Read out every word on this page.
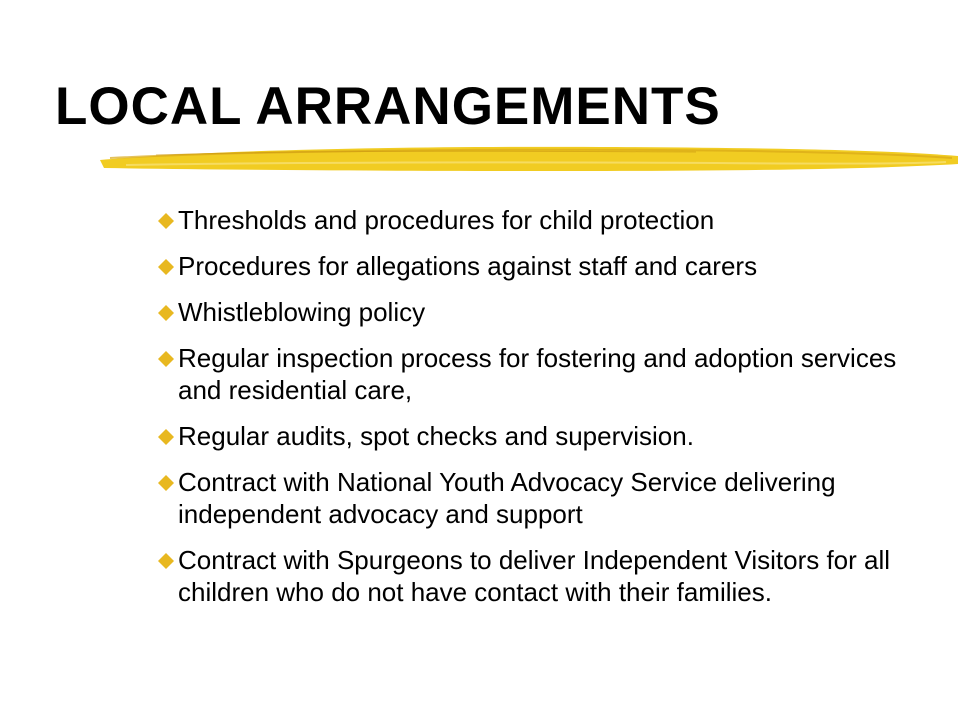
LOCAL ARRANGEMENTS
Thresholds and procedures for child protection
Procedures for allegations against staff and carers
Whistleblowing policy
Regular inspection process for fostering and adoption services and residential care,
Regular audits, spot checks and supervision.
Contract with National Youth Advocacy Service delivering independent advocacy and support
Contract with Spurgeons to deliver Independent Visitors for all children who do not have contact with their families.
